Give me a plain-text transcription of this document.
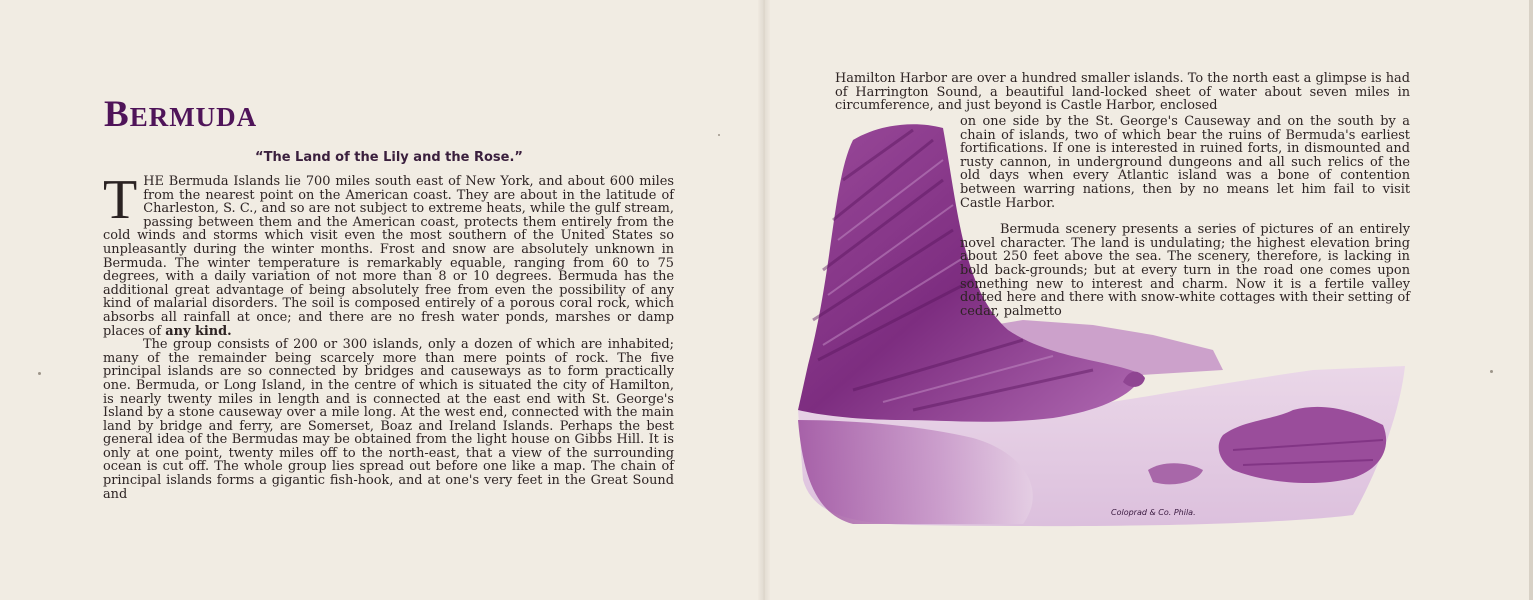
BERMUDA
“The Land of the Lily and the Rose.”

THE Bermuda Islands lie 700 miles south east of New York, and about 600 miles from the nearest point on the American coast. They are about in the latitude of Charleston, S. C., and so are not subject to extreme heats, while the gulf stream, passing between them and the American coast, protects them entirely from the cold winds and storms which visit even the most southern of the United States so unpleasantly during the winter months. Frost and snow are absolutely unknown in Bermuda. The winter temperature is remarkably equable, ranging from 60 to 75 degrees, with a daily variation of not more than 8 or 10 degrees. Bermuda has the additional great advantage of being absolutely free from even the possibility of any kind of malarial disorders. The soil is composed entirely of a porous coral rock, which absorbs all rainfall at once; and there are no fresh water ponds, marshes or damp places of any kind.

The group consists of 200 or 300 islands, only a dozen of which are inhabited; many of the remainder being scarcely more than mere points of rock. The five principal islands are so connected by bridges and causeways as to form practically one. Bermuda, or Long Island, in the centre of which is situated the city of Hamilton, is nearly twenty miles in length and is connected at the east end with St. George's Island by a stone causeway over a mile long. At the west end, connected with the main land by bridge and ferry, are Somerset, Boaz and Ireland Islands. Perhaps the best general idea of the Bermudas may be obtained from the light house on Gibbs Hill. It is only at one point, twenty miles off to the north-east, that a view of the surrounding ocean is cut off. The whole group lies spread out before one like a map. The chain of principal islands forms a gigantic fish-hook, and at one's very feet in the Great Sound and

Hamilton Harbor are over a hundred smaller islands. To the north east a glimpse is had of Harrington Sound, a beautiful land-locked sheet of water about seven miles in circumference, and just beyond is Castle Harbor, enclosed

Coloprad & Co. Phila.

on one side by the St. George's Causeway and on the south by a chain of islands, two of which bear the ruins of Bermuda's earliest fortifications. If one is interested in ruined forts, in dismounted and rusty cannon, in underground dungeons and all such relics of the old days when every Atlantic island was a bone of contention between warring nations, then by no means let him fail to visit Castle Harbor.

Bermuda scenery presents a series of pictures of an entirely novel character. The land is undulating; the highest elevation bring about 250 feet above the sea. The scenery, therefore, is lacking in bold back-grounds; but at every turn in the road one comes upon something new to interest and charm. Now it is a fertile valley dotted here and there with snow-white cottages with their setting of cedar, palmetto
